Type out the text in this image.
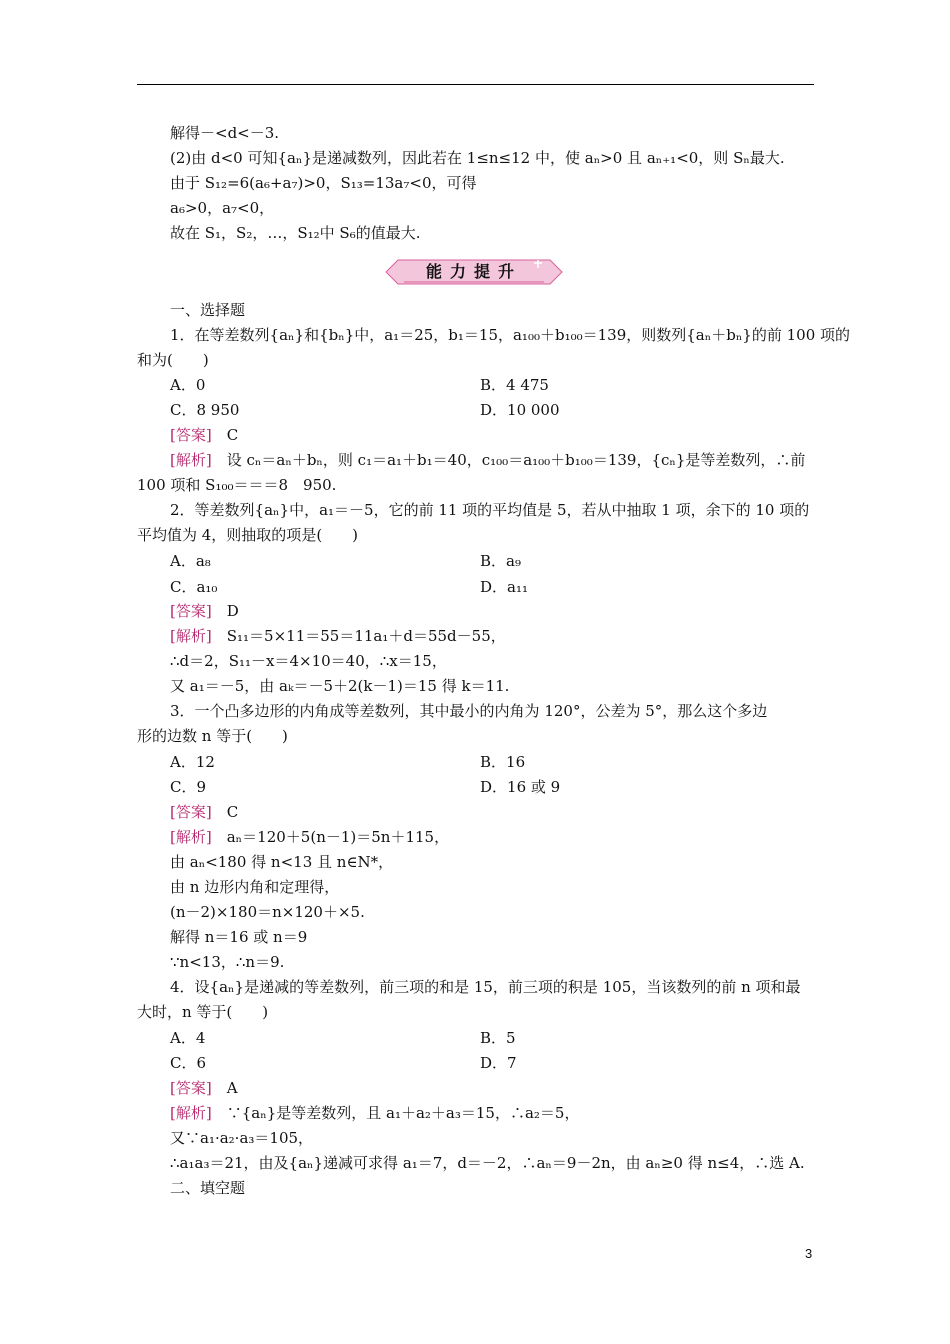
解得－<d<－3.
(2)由 d<0 可知{aₙ}是递减数列，因此若在 1≤n≤12 中，使 aₙ>0 且 aₙ₊₁<0，则 Sₙ最大.
由于 S₁₂=6(a₆+a₇)>0，S₁₃=13a₇<0，可得
a₆>0，a₇<0，
故在 S₁，S₂，…，S₁₂中 S₆的值最大.
能力提升
一、选择题
1．在等差数列{aₙ}和{bₙ}中，a₁＝25，b₁＝15，a₁₀₀＋b₁₀₀＝139，则数列{aₙ＋bₙ}的前 100 项的
和为(　　)
A．0	B．4 475
C．8 950	D．10 000
[答案]　 C
[解析]　 设 cₙ＝aₙ＋bₙ，则 c₁＝a₁＋b₁＝40，c₁₀₀＝a₁₀₀＋b₁₀₀＝139，{cₙ}是等差数列，∴前
100 项和 S₁₀₀＝＝＝8　950.
2．等差数列{aₙ}中，a₁＝－5，它的前 11 项的平均值是 5，若从中抽取 1 项，余下的 10 项的
平均值为 4，则抽取的项是(　　)
A．a₈	B．a₉
C．a₁₀	D．a₁₁
[答案]　 D
[解析]　 S₁₁＝5×11＝55＝11a₁＋d＝55d－55，
∴d＝2，S₁₁－x＝4×10＝40，∴x＝15，
又 a₁＝－5，由 aₖ＝－5＋2(k－1)＝15 得 k＝11.
3．一个凸多边形的内角成等差数列，其中最小的内角为 120°，公差为 5°，那么这个多边
形的边数 n 等于(　　)
A．12	B．16
C．9	D．16 或 9
[答案]　 C
[解析]　 aₙ＝120＋5(n－1)＝5n＋115，
由 aₙ<180 得 n<13 且 n∈N*，
由 n 边形内角和定理得，
(n－2)×180＝n×120＋×5.
解得 n＝16 或 n＝9
∵n<13，∴n＝9.
4．设{aₙ}是递减的等差数列，前三项的和是 15，前三项的积是 105，当该数列的前 n 项和最
大时，n 等于(　　)
A．4	B．5
C．6	D．7
[答案]　 A
[解析]　 ∵{aₙ}是等差数列，且 a₁＋a₂＋a₃＝15，∴a₂＝5，
又∵a₁·a₂·a₃＝105，
∴a₁a₃＝21，由及{aₙ}递减可求得 a₁＝7，d＝－2，∴aₙ＝9－2n，由 aₙ≥0 得 n≤4，∴选 A.
二、填空题
3
